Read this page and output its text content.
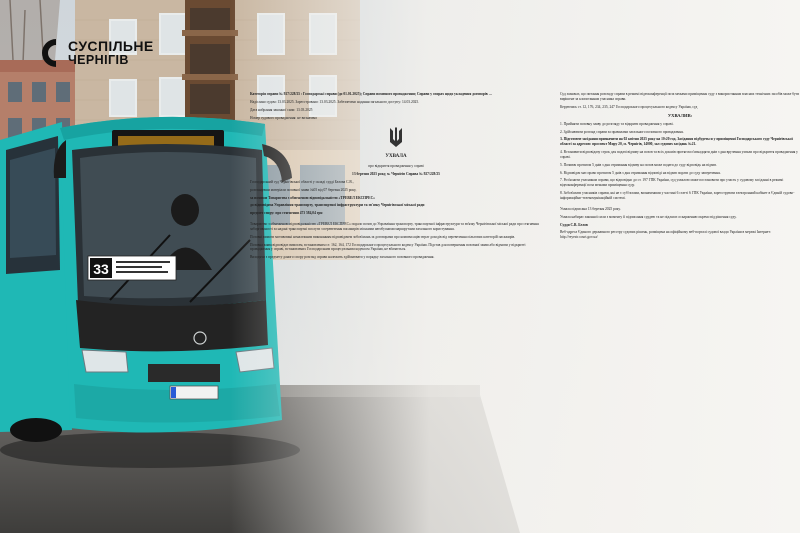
33
СУСПІЛЬНЕ
ЧЕРНІГІВ

Категорія справи № 927/228/25 : Господарські справи (до 01.01.2025); Справи позовного провадження; Справи у спорах щодо укладення договорів …

Надіслано судом: 13.03.2025. Зареєстровано: 13.03.2025. Забезпечено надання загального доступу: 14.03.2025.

Дата набрання законної сили: 13.03.2025

Номер судового провадження: не визначено

УХВАЛА

про відкриття провадження у справі

13 березня 2025 року, м. Чернігів Справа № 927/228/25

Господарський суд Чернігівської області у складі судді Белова С.В.,

розглянувши матеріали позовної заяви №05 від 07 березня 2025 року,

за позовом Товариства з обмеженою відповідальністю «ТРЕВЕЛ ЕКСПРЕС»

до відповідача Управління транспорту, транспортної інфраструктури та зв'язку Чернігівської міської ради

предмет спору: про стягнення 473 584,04 грн

Товариство з обмеженою відповідальністю «ТРЕВЕЛ ЕКСПРЕС» подало позов до Управління транспорту, транспортної інфраструктури та зв'язку Чернігівської міської ради про стягнення заборгованості за надані транспортні послуги з перевезення пасажирів міськими автобусними маршрутами загального користування.

Позовні вимоги мотивовані неналежним виконанням відповідачем зобов'язань за договорами про компенсацію втрат доходів від перевезення пільгових категорій пасажирів.

Позовна заява відповідає вимогам, встановленим ст. 162, 164, 172 Господарського процесуального кодексу України. Підстав для повернення позовної заяви або відмови у відкритті провадження у справі, встановлених Господарським процесуальним кодексом України, не вбачається.

Виходячи з предмету даного спору розгляд справи належить здійснювати у порядку загального позовного провадження.

Суд зазначає, що питання розгляду справи в режимі відеоконференції поза межами приміщення суду з використанням власних технічних засобів може бути вирішене за клопотанням учасника справи.

Керуючись ст. 12, 176, 234, 235, 247 Господарського процесуального кодексу України, суд

УХВАЛИВ:

1. Прийняти позовну заяву до розгляду та відкрити провадження у справі.

2. Здійснювати розгляд справи за правилами загального позовного провадження.

3. Підготовче засідання призначити на 02 квітня 2025 року на 10:20 год. Засідання відбудеться у приміщенні Господарського суду Чернігівської області за адресою: проспект Миру 20, м. Чернігів, 14000, зал судових засідань №21.

4. Встановити відповідачу строк для подачі відзиву на позов та всіх доказів протягом п'ятнадцяти днів з дня вручення ухвали про відкриття провадження у справі.

5. Позивач протягом 5 днів з дня отримання відзиву на позов може подати до суду відповідь на відзив.

6. Відповідач має право протягом 5 днів з дня отримання відповіді на відзив подати до суду заперечення.

7. Роз'яснити учасникам справи, що відповідно до ст. 197 ГПК України, суд ухвалою може постановити про участь у судовому засіданні в режимі відеоконференції поза межами приміщення суду.

8. Зобов'язати учасників справи, які не є суб'єктами, визначеними у частині 6 статті 6 ГПК України, зареєструвати електронний кабінет в Єдиній судово-інформаційно-телекомунікаційній системі.

Ухвала підписана 13 березня 2025 року.

Ухвала набирає законної сили з моменту її підписання суддею та не підлягає оскарженню окремо від рішення суду.

Суддя С.В. Белов

Веб-адреса Єдиного державного реєстру судових рішень, розміщена на офіційному веб-порталі судової влади України в мережі Інтернет: http://reyestr.court.gov.ua/
